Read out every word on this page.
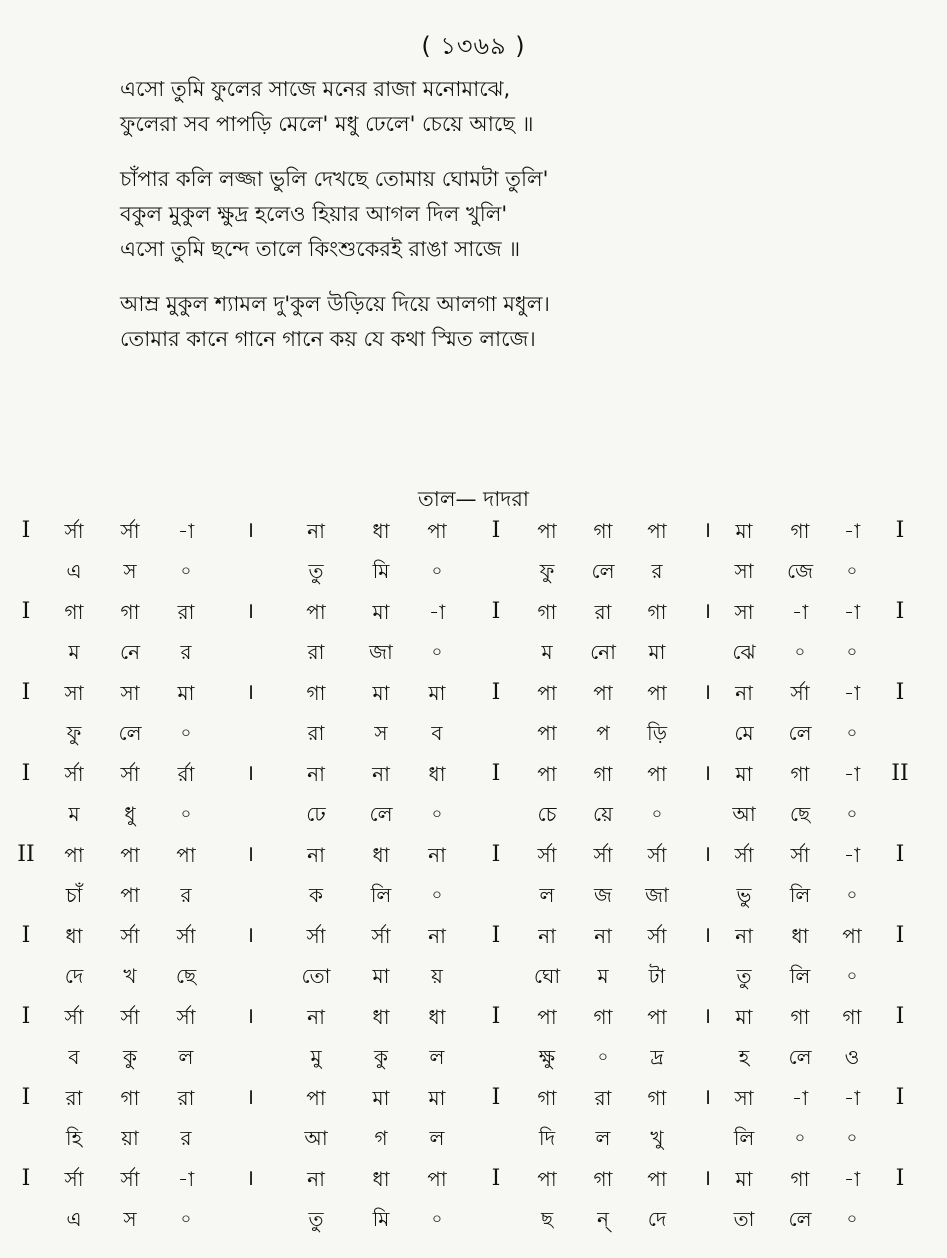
( ১৩৬৯ )
এসো তুমি ফুলের সাজে মনের রাজা মনোমাঝে,
ফুলেরা সব পাপড়ি মেলে' মধু ঢেলে' চেয়ে আছে ॥
চাঁপার কলি লজ্জা ভুলি দেখছে তোমায় ঘোমটা তুলি'
বকুল মুকুল ক্ষুদ্র হলেও হিয়ার আগল দিল খুলি'
এসো তুমি ছন্দে তালে কিংশুকেরই রাঙা সাজে ॥
আম্র মুকুল শ্যামল দু'কুল উড়িয়ে দিয়ে আলগা মধুল।
তোমার কানে গানে গানে কয় যে কথা স্মিত লাজে।
তাল— দাদরা
I	র্সা	র্সা	-া	।	না	ধা	পা	I	পা	গা	পা	।	মা	গা	-া	I
এ	স	০	তু	মি	০	ফু	লে	র	সা	জে	০
I	গা	গা	রা	।	পা	মা	-া	I	গা	রা	গা	।	সা	-া	-া	I
ম	নে	র	রা	জা	০	ম	নো	মা	ঝে	০	০
I	সা	সা	মা	।	গা	মা	মা	I	পা	পা	পা	।	না	র্সা	-া	I
ফু	লে	০	রা	স	ব	পা	প	ড়ি	মে	লে	০
I	র্সা	র্সা	র্রা	।	না	না	ধা	I	পা	গা	পা	।	মা	গা	-া	II
ম	ধু	০	ঢে	লে	০	চে	য়ে	০	আ	ছে	০
II	পা	পা	পা	।	না	ধা	না	I	র্সা	র্সা	র্সা	।	র্সা	র্সা	-া	I
চাঁ	পা	র	ক	লি	০	ল	জ	জা	ভু	লি	০
I	ধা	র্সা	র্সা	।	র্সা	র্সা	না	I	না	না	র্সা	।	না	ধা	পা	I
দে	খ	ছে	তো	মা	য়	ঘো	ম	টা	তু	লি	০
I	র্সা	র্সা	র্সা	।	না	ধা	ধা	I	পা	গা	পা	।	মা	গা	গা	I
ব	কু	ল	মু	কু	ল	ক্ষু	০	দ্র	হ	লে	ও
I	রা	গা	রা	।	পা	মা	মা	I	গা	রা	গা	।	সা	-া	-া	I
হি	য়া	র	আ	গ	ল	দি	ল	খু	লি	০	০
I	র্সা	র্সা	-া	।	না	ধা	পা	I	পা	গা	পা	।	মা	গা	-া	I
এ	স	০	তু	মি	০	ছ	ন্	দে	তা	লে	০
